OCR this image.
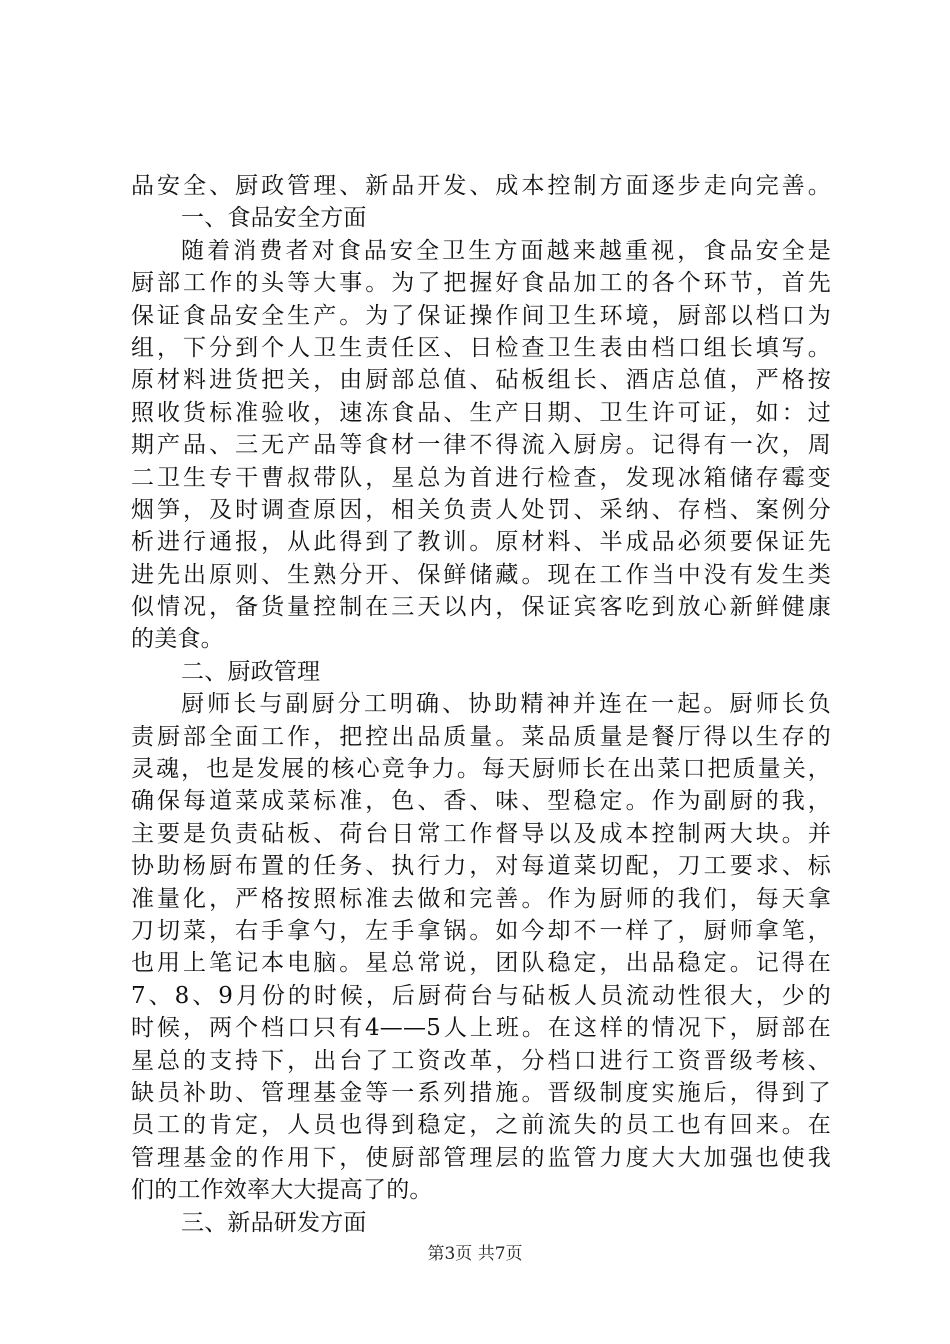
品安全、厨政管理、新品开发、成本控制方面逐步走向完善。
一、食品安全方面
随着消费者对食品安全卫生方面越来越重视，食品安全是
厨部工作的头等大事。为了把握好食品加工的各个环节，首先
保证食品安全生产。为了保证操作间卫生环境，厨部以档口为
组，下分到个人卫生责任区、日检查卫生表由档口组长填写。
原材料进货把关，由厨部总值、砧板组长、酒店总值，严格按
照收货标准验收，速冻食品、生产日期、卫生许可证，如：过
期产品、三无产品等食材一律不得流入厨房。记得有一次，周
二卫生专干曹叔带队，星总为首进行检查，发现冰箱储存霉变
烟笋，及时调查原因，相关负责人处罚、采纳、存档、案例分
析进行通报，从此得到了教训。原材料、半成品必须要保证先
进先出原则、生熟分开、保鲜储藏。现在工作当中没有发生类
似情况，备货量控制在三天以内，保证宾客吃到放心新鲜健康
的美食。
二、厨政管理
厨师长与副厨分工明确、协助精神并连在一起。厨师长负
责厨部全面工作，把控出品质量。菜品质量是餐厅得以生存的
灵魂，也是发展的核心竞争力。每天厨师长在出菜口把质量关，
确保每道菜成菜标准，色、香、味、型稳定。作为副厨的我，
主要是负责砧板、荷台日常工作督导以及成本控制两大块。并
协助杨厨布置的任务、执行力，对每道菜切配，刀工要求、标
准量化，严格按照标准去做和完善。作为厨师的我们，每天拿
刀切菜，右手拿勺，左手拿锅。如今却不一样了，厨师拿笔，
也用上笔记本电脑。星总常说，团队稳定，出品稳定。记得在
7、8、9月份的时候，后厨荷台与砧板人员流动性很大，少的
时候，两个档口只有4——5人上班。在这样的情况下，厨部在
星总的支持下，出台了工资改革，分档口进行工资晋级考核、
缺员补助、管理基金等一系列措施。晋级制度实施后，得到了
员工的肯定，人员也得到稳定，之前流失的员工也有回来。在
管理基金的作用下，使厨部管理层的监管力度大大加强也使我
们的工作效率大大提高了的。
三、新品研发方面
第3页 共7页
